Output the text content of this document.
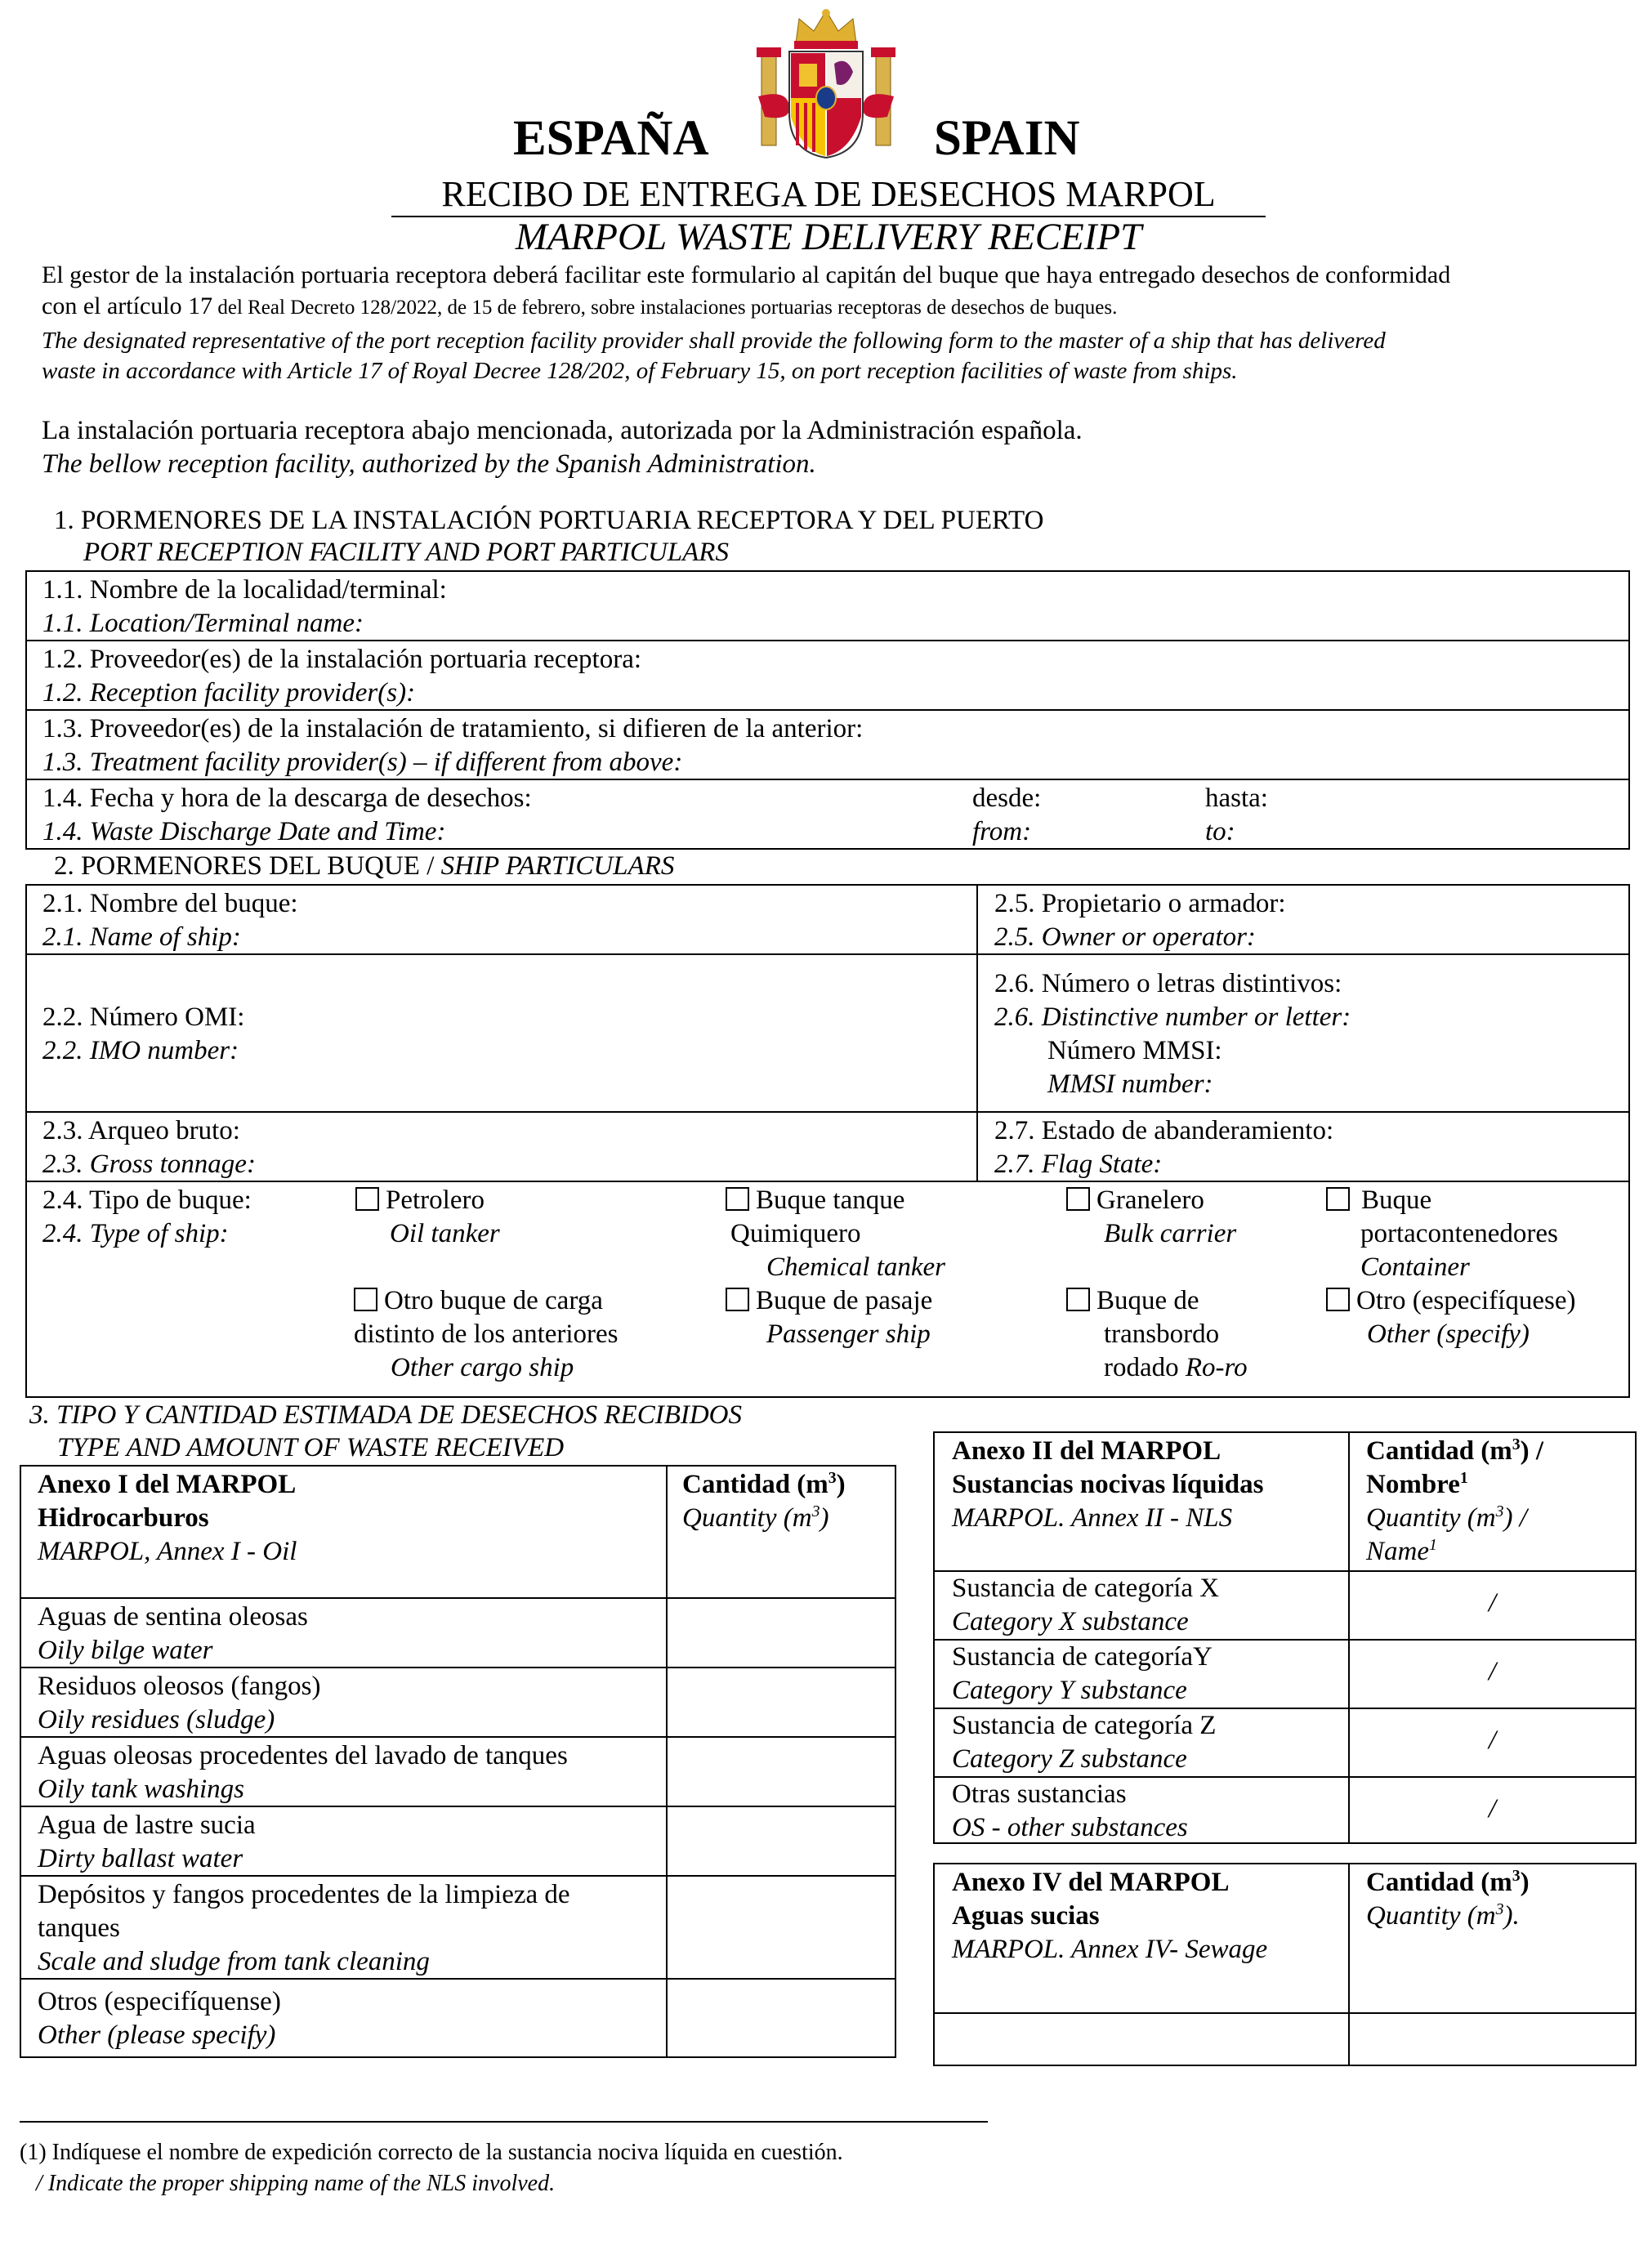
ESPAÑA	SPAIN
RECIBO DE ENTREGA DE DESECHOS MARPOL
MARPOL WASTE DELIVERY RECEIPT
El gestor de la instalación portuaria receptora deberá facilitar este formulario al capitán del buque que haya entregado desechos de conformidad
con el artículo 17 del Real Decreto 128/2022, de 15 de febrero, sobre instalaciones portuarias receptoras de desechos de buques.
The designated representative of the port reception facility provider shall provide the following form to the master of a ship that has delivered
waste in accordance with Article 17 of Royal Decree 128/202, of February 15, on port reception facilities of waste from ships.
La instalación portuaria receptora abajo mencionada, autorizada por la Administración española.
The bellow reception facility, authorized by the Spanish Administration.
1. PORMENORES DE LA INSTALACIÓN PORTUARIA RECEPTORA Y DEL PUERTO
PORT RECEPTION FACILITY AND PORT PARTICULARS
1.1. Nombre de la localidad/terminal:
1.1. Location/Terminal name:
1.2. Proveedor(es) de la instalación portuaria receptora:
1.2. Reception facility provider(s):
1.3. Proveedor(es) de la instalación de tratamiento, si difieren de la anterior:
1.3. Treatment facility provider(s) – if different from above:
1.4. Fecha y hora de la descarga de desechos:
1.4. Waste Discharge Date and Time:
desde:
from:
hasta:
to:
2. PORMENORES DEL BUQUE / SHIP PARTICULARS
2.1. Nombre del buque:
2.1. Name of ship:
2.5. Propietario o armador:
2.5. Owner or operator:
2.2. Número OMI:
2.2. IMO number:
2.6. Número o letras distintivos:
2.6. Distinctive number or letter:
Número MMSI:
MMSI number:
2.3. Arqueo bruto:
2.3. Gross tonnage:
2.7. Estado de abanderamiento:
2.7. Flag State:
2.4. Tipo de buque:
2.4. Type of ship:
Petrolero
Oil tanker
Buque tanque
Quimiquero
Chemical tanker
Granelero
Bulk carrier
Buque
portacontenedores
Container
Otro buque de carga
distinto de los anteriores
Other cargo ship
Buque de pasaje
Passenger ship
Buque de
transbordo
rodado Ro-ro
Otro (especifíquese)
Other (specify)
3. TIPO Y CANTIDAD ESTIMADA DE DESECHOS RECIBIDOS
TYPE AND AMOUNT OF WASTE RECEIVED
Anexo I del MARPOL
Hidrocarburos
MARPOL, Annex I - Oil
Cantidad $(m^3)$
Quantity $(m^3)$
Aguas de sentina oleosas
Oily bilge water
Residuos oleosos (fangos)
Oily residues (sludge)
Aguas oleosas procedentes del lavado de tanques
Oily tank washings
Agua de lastre sucia
Dirty ballast water
Depósitos y fangos procedentes de la limpieza de
tanques
Scale and sludge from tank cleaning
Otros (especifíquense)
Other (please specify)
Anexo II del MARPOL
Sustancias nocivas líquidas
MARPOL. Annex II - NLS
Cantidad $(m^3)$ /
Nombre$^1$
Quantity $(m^3)$ /
Name$^1$
Sustancia de categoría X
Category X substance
Sustancia de categoríaY
Category Y substance
Sustancia de categoría Z
Category Z substance
Otras sustancias
OS - other substances
/
/
/
/
Anexo IV del MARPOL
Aguas sucias
MARPOL. Annex IV- Sewage
Cantidad $(m^3)$
Quantity $(m^3)$.
(1) Indíquese el nombre de expedición correcto de la sustancia nociva líquida en cuestión.
/ Indicate the proper shipping name of the NLS involved.
